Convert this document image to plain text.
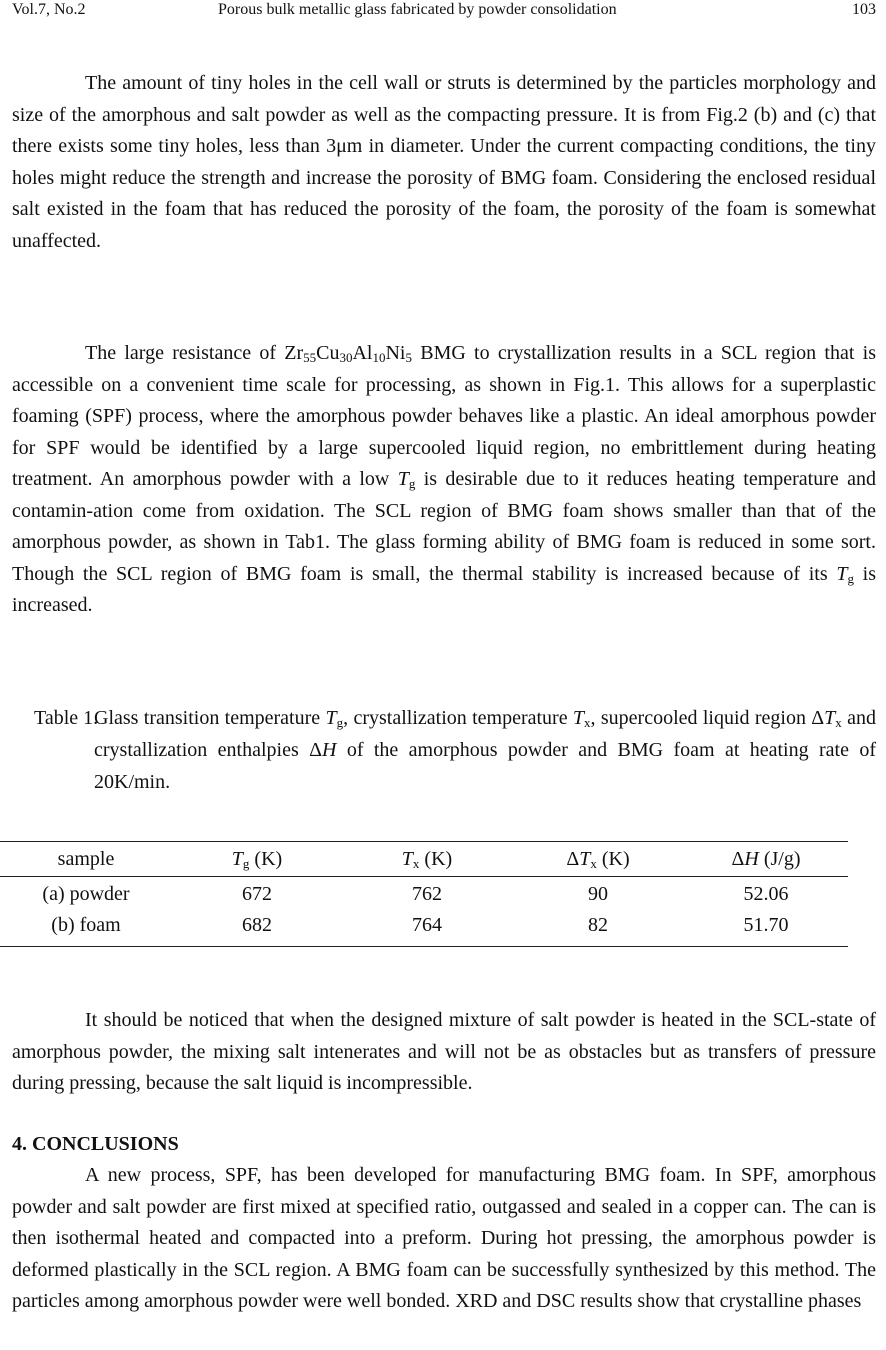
Vol.7, No.2	Porous bulk metallic glass fabricated by powder consolidation	103

The amount of tiny holes in the cell wall or struts is determined by the particles morphology and size of the amorphous and salt powder as well as the compacting pressure. It is from Fig.2 (b) and (c) that there exists some tiny holes, less than 3μm in diameter. Under the current compacting conditions, the tiny holes might reduce the strength and increase the porosity of BMG foam. Considering the enclosed residual salt existed in the foam that has reduced the porosity of the foam, the porosity of the foam is somewhat unaffected.

The large resistance of $Zr_{55}Cu_{30}Al_{10}Ni_5$ BMG to crystallization results in a SCL region that is accessible on a convenient time scale for processing, as shown in Fig.1. This allows for a superplastic foaming (SPF) process, where the amorphous powder behaves like a plastic. An ideal amorphous powder for SPF would be identified by a large supercooled liquid region, no embrittlement during heating treatment. An amorphous powder with a low $T_g$ is desirable due to it reduces heating temperature and contamin-ation come from oxidation. The SCL region of BMG foam shows smaller than that of the amorphous powder, as shown in Tab1. The glass forming ability of BMG foam is reduced in some sort. Though the SCL region of BMG foam is small, the thermal stability is increased because of its $T_g$ is increased.

Table 1.
Glass transition temperature $T_g$, crystallization temperature $T_x$, supercooled liquid region $\Delta T_x$ and crystallization enthalpies ΔH of the amorphous powder and BMG foam at heating rate of 20K/min.
sample	$T_g$ (K)	$T_x$ (K)	$\Delta T_x$ (K)	ΔH (J/g)
(a) powder	672	762	90	52.06
(b) foam	682	764	82	51.70

It should be noticed that when the designed mixture of salt powder is heated in the SCL-state of amorphous powder, the mixing salt intenerates and will not be as obstacles but as transfers of pressure during pressing, because the salt liquid is incompressible.

4. CONCLUSIONS

A new process, SPF, has been developed for manufacturing BMG foam. In SPF, amorphous powder and salt powder are first mixed at specified ratio, outgassed and sealed in a copper can. The can is then isothermal heated and compacted into a preform. During hot pressing, the amorphous powder is deformed plastically in the SCL region. A BMG foam can be successfully synthesized by this method. The particles among amorphous powder were well bonded. XRD and DSC results show that crystalline phases
